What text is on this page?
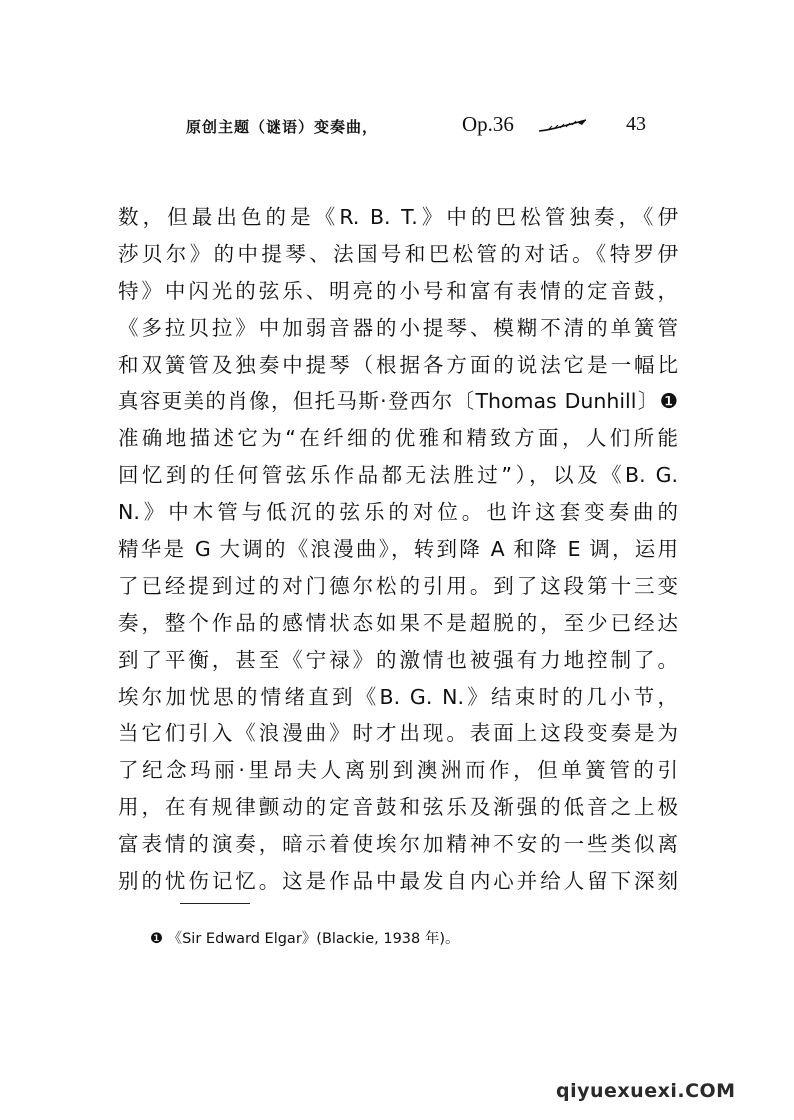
原创主题（谜语）变奏曲，	Op.36	43
数，但最出色的是《R. B. T.》中的巴松管独奏，《伊
莎贝尔》的中提琴、法国号和巴松管的对话。《特罗伊
特》中闪光的弦乐、明亮的小号和富有表情的定音鼓，
《多拉贝拉》中加弱音器的小提琴、模糊不清的单簧管
和双簧管及独奏中提琴（根据各方面的说法它是一幅比
真容更美的肖像，但托马斯·登西尔〔Thomas Dunhill〕❶
准确地描述它为“在纤细的优雅和精致方面，人们所能
回忆到的任何管弦乐作品都无法胜过”），以及《B. G.
N.》中木管与低沉的弦乐的对位。也许这套变奏曲的
精华是 G 大调的《浪漫曲》，转到降 A 和降 E 调，运用
了已经提到过的对门德尔松的引用。到了这段第十三变
奏，整个作品的感情状态如果不是超脱的，至少已经达
到了平衡，甚至《宁禄》的激情也被强有力地控制了。
埃尔加忧思的情绪直到《B. G. N.》结束时的几小节，
当它们引入《浪漫曲》时才出现。表面上这段变奏是为
了纪念玛丽·里昂夫人离别到澳洲而作，但单簧管的引
用，在有规律颤动的定音鼓和弦乐及渐强的低音之上极
富表情的演奏，暗示着使埃尔加精神不安的一些类似离
别的忧伤记忆。这是作品中最发自内心并给人留下深刻
❶ 《Sir Edward Elgar》(Blackie, 1938 年)。
qiyuexuexi.COM
